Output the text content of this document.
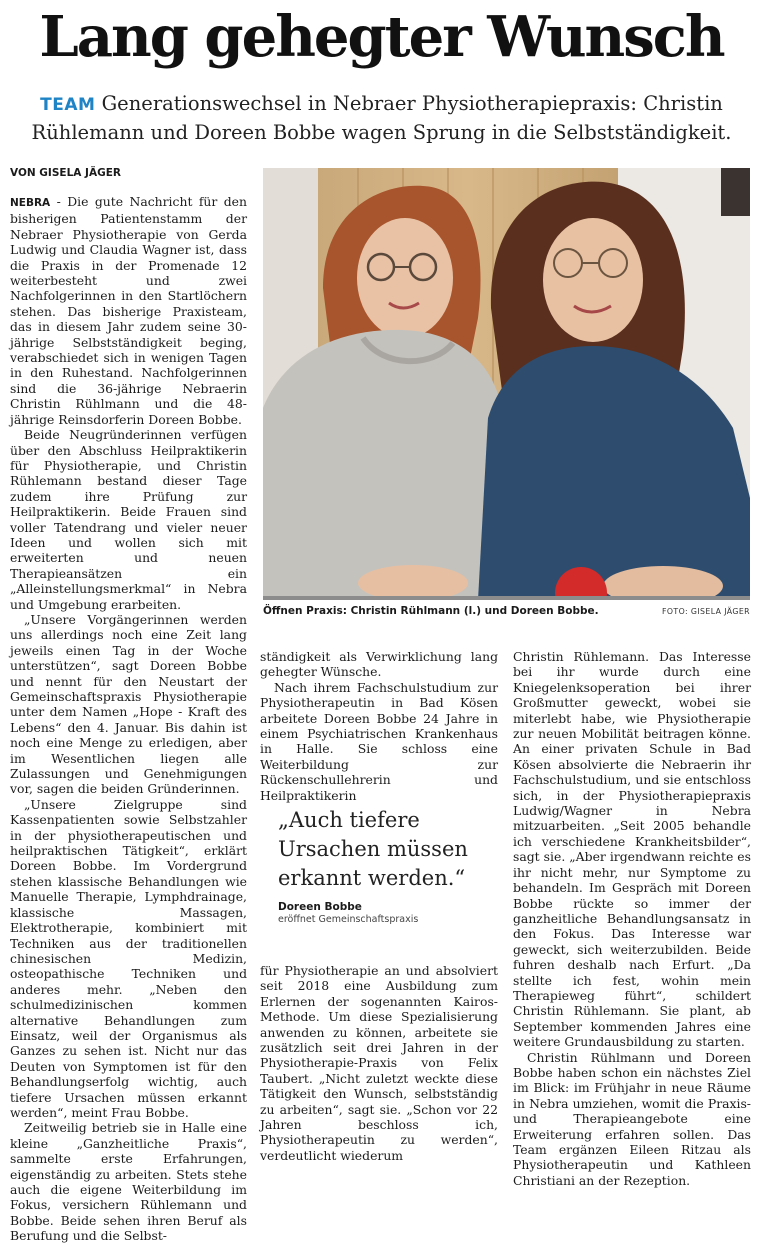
Lang gehegter Wunsch
TEAM Generationswechsel in Nebraer Physiotherapiepraxis: Christin Rühlemann und Doreen Bobbe wagen Sprung in die Selbstständigkeit.
VON GISELA JÄGER

NEBRA - Die gute Nachricht für den bisherigen Patientenstamm der Nebraer Physiotherapie von Gerda Ludwig und Claudia Wagner ist, dass die Praxis in der Promenade 12 weiterbesteht und zwei Nachfolgerinnen in den Startlöchern stehen. Das bisherige Praxisteam, das in diesem Jahr zudem seine 30-jährige Selbstständigkeit beging, verabschiedet sich in wenigen Tagen in den Ruhestand. Nachfolgerinnen sind die 36-jährige Nebraerin Christin Rühlmann und die 48-jährige Reinsdorferin Doreen Bobbe.

Beide Neugründerinnen verfügen über den Abschluss Heilpraktikerin für Physiotherapie, und Christin Rühlemann bestand dieser Tage zudem ihre Prüfung zur Heilpraktikerin. Beide Frauen sind voller Tatendrang und vieler neuer Ideen und wollen sich mit erweiterten und neuen Therapieansätzen ein „Alleinstellungsmerkmal“ in Nebra und Umgebung erarbeiten.

„Unsere Vorgängerinnen werden uns allerdings noch eine Zeit lang jeweils einen Tag in der Woche unterstützen“, sagt Doreen Bobbe und nennt für den Neustart der Gemeinschaftspraxis Physiotherapie unter dem Namen „Hope - Kraft des Lebens“ den 4. Januar. Bis dahin ist noch eine Menge zu erledigen, aber im Wesentlichen liegen alle Zulassungen und Genehmigungen vor, sagen die beiden Gründerinnen.

„Unsere Zielgruppe sind Kassenpatienten sowie Selbstzahler in der physiotherapeutischen und heilpraktischen Tätigkeit“, erklärt Doreen Bobbe. Im Vordergrund stehen klassische Behandlungen wie Manuelle Therapie, Lymphdrainage, klassische Massagen, Elektrotherapie, kombiniert mit Techniken aus der traditionellen chinesischen Medizin, osteopathische Techniken und anderes mehr. „Neben den schulmedizinischen kommen alternative Behandlungen zum Einsatz, weil der Organismus als Ganzes zu sehen ist. Nicht nur das Deuten von Symptomen ist für den Behandlungserfolg wichtig, auch tiefere Ursachen müssen erkannt werden“, meint Frau Bobbe.

Zeitweilig betrieb sie in Halle eine kleine „Ganzheitliche Praxis“, sammelte erste Erfahrungen, eigenständig zu arbeiten. Stets stehe auch die eigene Weiterbildung im Fokus, versichern Rühlemann und Bobbe. Beide sehen ihren Beruf als Berufung und die Selbst-

Öffnen Praxis: Christin Rühlmann (l.) und Doreen Bobbe.	FOTO: GISELA JÄGER

ständigkeit als Verwirklichung lang gehegter Wünsche.

Nach ihrem Fachschulstudium zur Physiotherapeutin in Bad Kösen arbeitete Doreen Bobbe 24 Jahre in einem Psychiatrischen Krankenhaus in Halle. Sie schloss eine Weiterbildung zur Rückenschullehrerin und Heilpraktikerin

„Auch tiefere Ursachen müssen erkannt werden.“
Doreen Bobbe
eröffnet Gemeinschaftspraxis

für Physiotherapie an und absolviert seit 2018 eine Ausbildung zum Erlernen der sogenannten Kairos-Methode. Um diese Spezialisierung anwenden zu können, arbeitete sie zusätzlich seit drei Jahren in der Physiotherapie-Praxis von Felix Taubert. „Nicht zuletzt weckte diese Tätigkeit den Wunsch, selbstständig zu arbeiten“, sagt sie. „Schon vor 22 Jahren beschloss ich, Physiotherapeutin zu werden“, verdeutlicht wiederum

Christin Rühlemann. Das Interesse bei ihr wurde durch eine Kniegelenksoperation bei ihrer Großmutter geweckt, wobei sie miterlebt habe, wie Physiotherapie zur neuen Mobilität beitragen könne. An einer privaten Schule in Bad Kösen absolvierte die Nebraerin ihr Fachschulstudium, und sie entschloss sich, in der Physiotherapiepraxis Ludwig/Wagner in Nebra mitzuarbeiten. „Seit 2005 behandle ich verschiedene Krankheitsbilder“, sagt sie. „Aber irgendwann reichte es ihr nicht mehr, nur Symptome zu behandeln. Im Gespräch mit Doreen Bobbe rückte so immer der ganzheitliche Behandlungsansatz in den Fokus. Das Interesse war geweckt, sich weiterzubilden. Beide fuhren deshalb nach Erfurt. „Da stellte ich fest, wohin mein Therapieweg führt“, schildert Christin Rühlemann. Sie plant, ab September kommenden Jahres eine weitere Grundausbildung zu starten.

Christin Rühlmann und Doreen Bobbe haben schon ein nächstes Ziel im Blick: im Frühjahr in neue Räume in Nebra umziehen, womit die Praxis- und Therapieangebote eine Erweiterung erfahren sollen. Das Team ergänzen Eileen Ritzau als Physiotherapeutin und Kathleen Christiani an der Rezeption.
